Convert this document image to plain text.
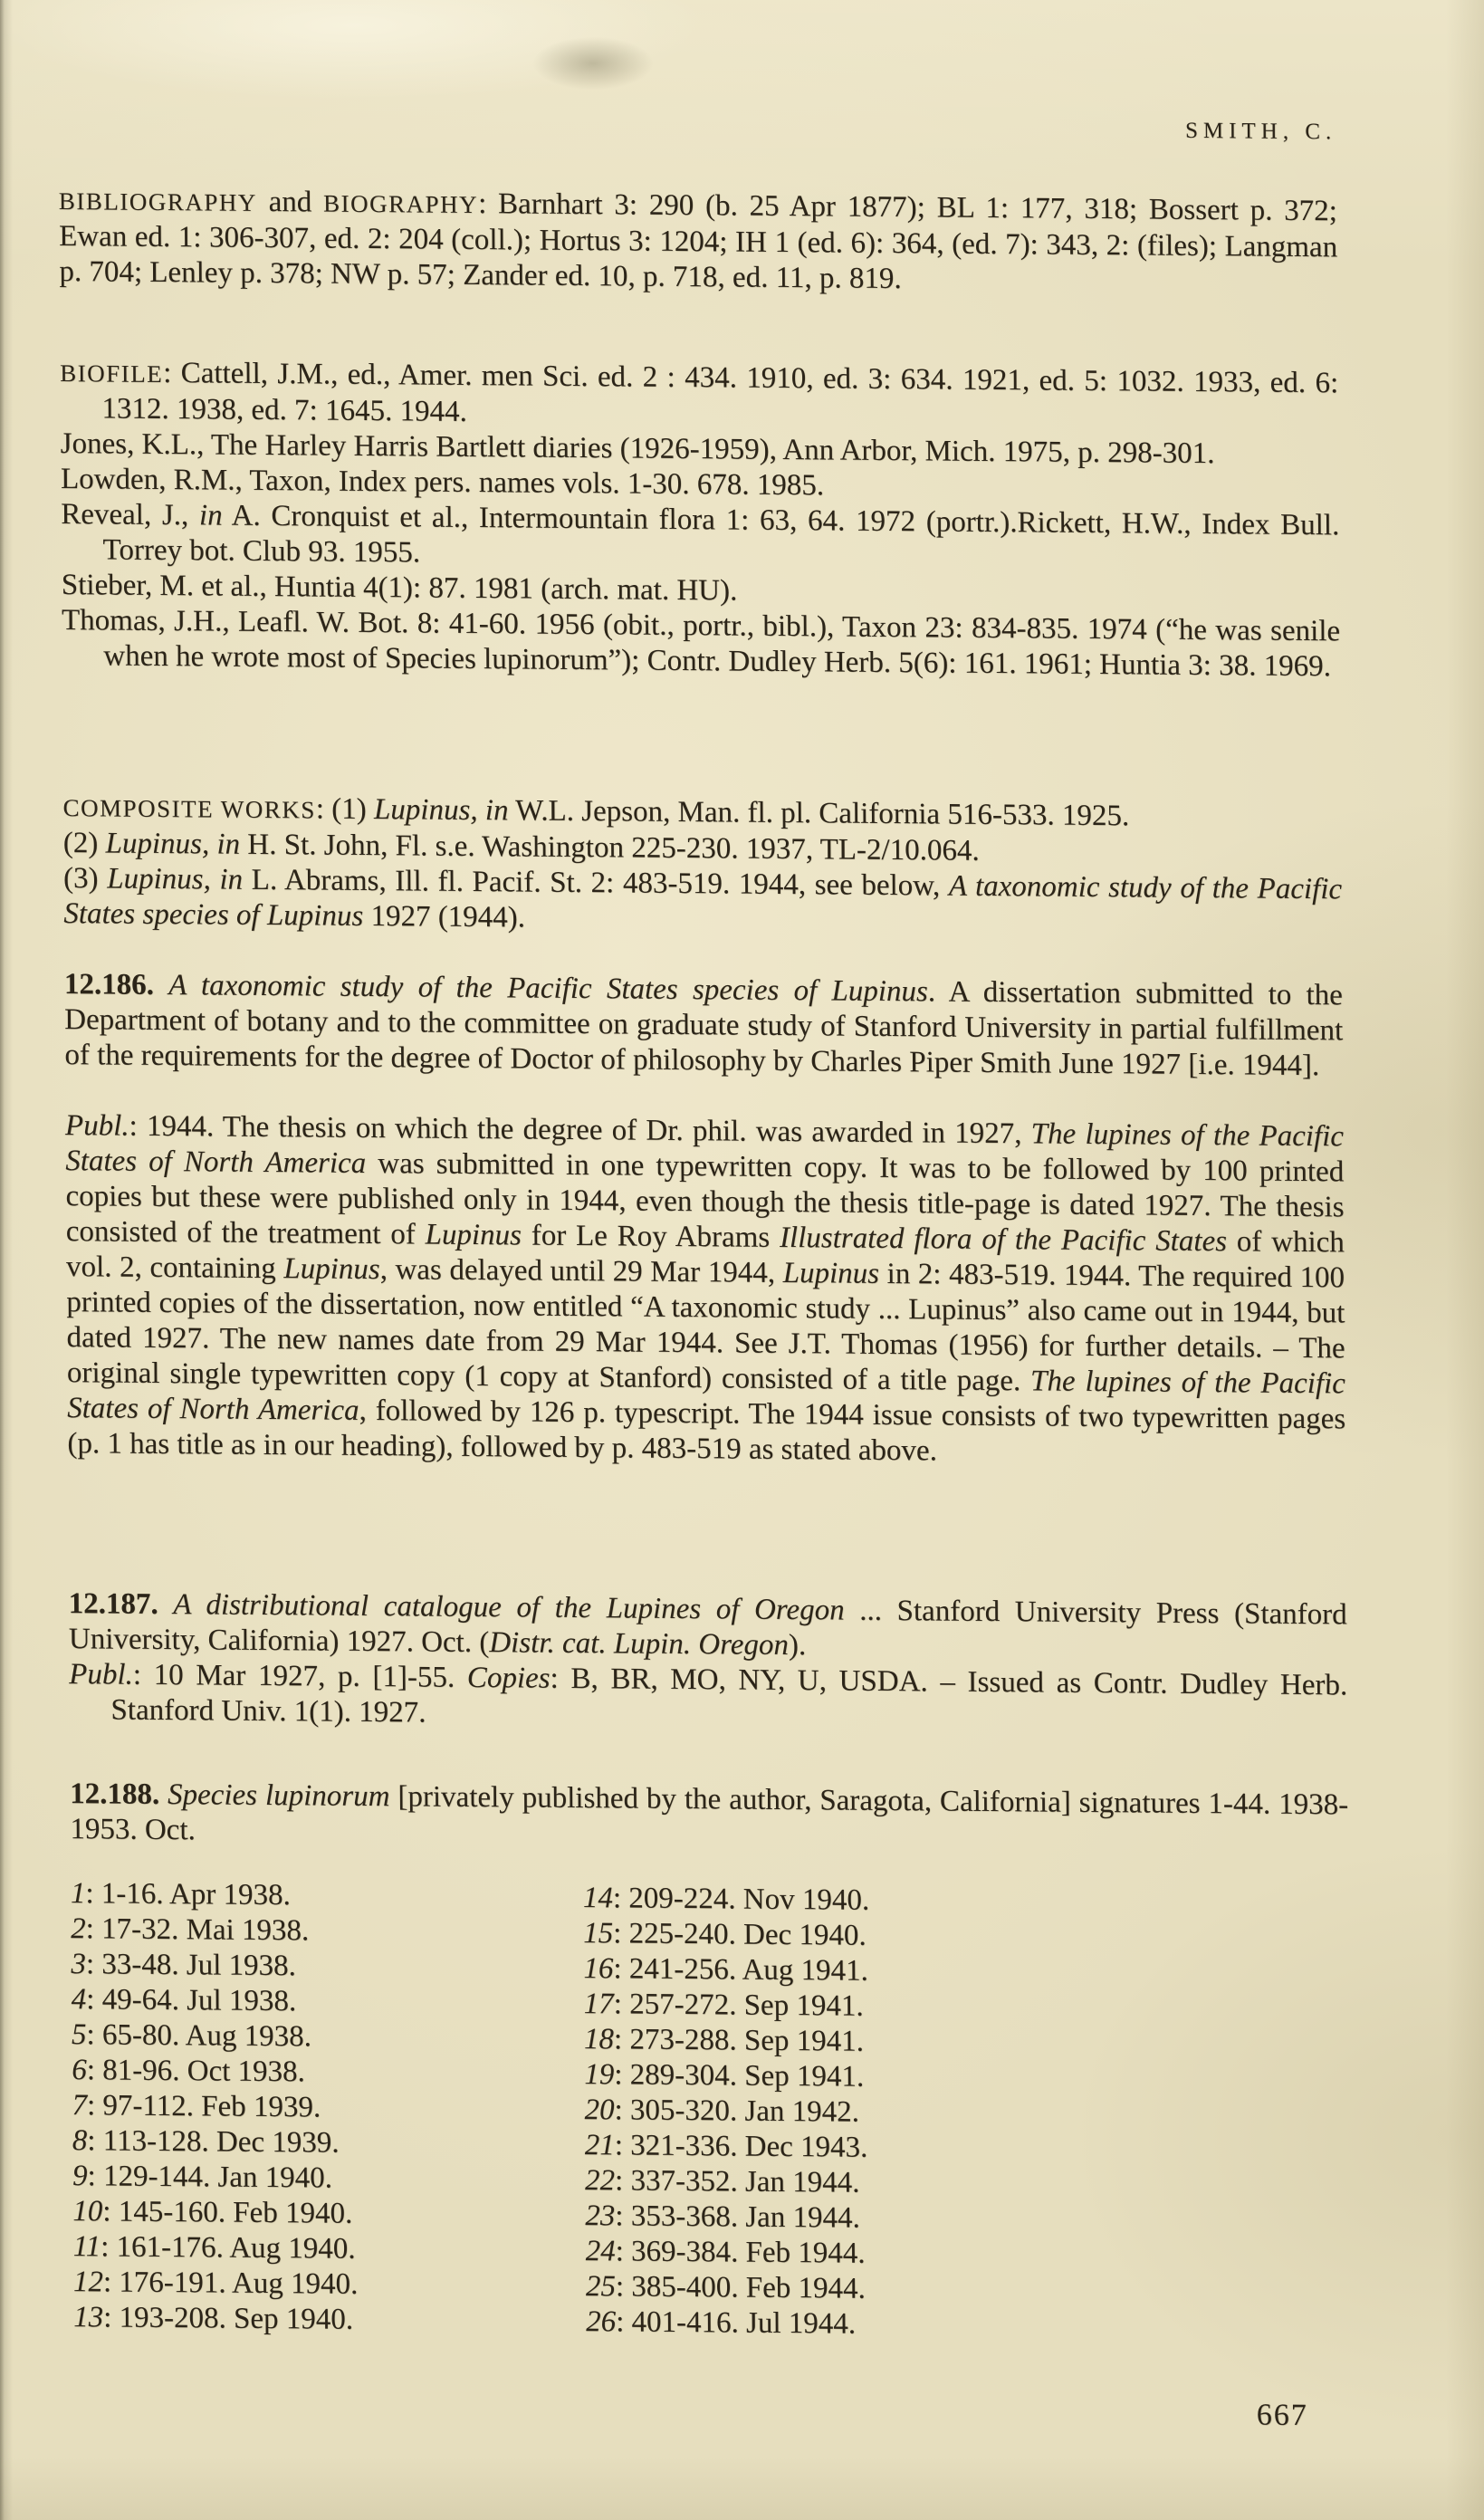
SMITH, C.

BIBLIOGRAPHY and BIOGRAPHY: Barnhart 3: 290 (b. 25 Apr 1877); BL 1: 177, 318; Bossert p. 372; Ewan ed. 1: 306-307, ed. 2: 204 (coll.); Hortus 3: 1204; IH 1 (ed. 6): 364, (ed. 7): 343, 2: (files); Langman p. 704; Lenley p. 378; NW p. 57; Zander ed. 10, p. 718, ed. 11, p. 819.

BIOFILE: Cattell, J.M., ed., Amer. men Sci. ed. 2 : 434. 1910, ed. 3: 634. 1921, ed. 5: 1032. 1933, ed. 6: 1312. 1938, ed. 7: 1645. 1944.

Jones, K.L., The Harley Harris Bartlett diaries (1926-1959), Ann Arbor, Mich. 1975, p. 298-301.

Lowden, R.M., Taxon, Index pers. names vols. 1-30. 678. 1985.

Reveal, J., in A. Cronquist et al., Intermountain flora 1: 63, 64. 1972 (portr.).Rickett, H.W., Index Bull. Torrey bot. Club 93. 1955.

Stieber, M. et al., Huntia 4(1): 87. 1981 (arch. mat. HU).

Thomas, J.H., Leafl. W. Bot. 8: 41-60. 1956 (obit., portr., bibl.), Taxon 23: 834-835. 1974 (“he was senile when he wrote most of Species lupinorum”); Contr. Dudley Herb. 5(6): 161. 1961; Huntia 3: 38. 1969.

COMPOSITE WORKS: (1) Lupinus, in W.L. Jepson, Man. fl. pl. California 516-533. 1925.

(2) Lupinus, in H. St. John, Fl. s.e. Washington 225-230. 1937, TL-2/10.064.

(3) Lupinus, in L. Abrams, Ill. fl. Pacif. St. 2: 483-519. 1944, see below, A taxonomic study of the Pacific States species of Lupinus 1927 (1944).

12.186. A taxonomic study of the Pacific States species of Lupinus. A dissertation submitted to the Department of botany and to the committee on graduate study of Stanford University in partial fulfillment of the requirements for the degree of Doctor of philosophy by Charles Piper Smith June 1927 [i.e. 1944].

Publ.: 1944. The thesis on which the degree of Dr. phil. was awarded in 1927, The lupines of the Pacific States of North America was submitted in one typewritten copy. It was to be followed by 100 printed copies but these were published only in 1944, even though the thesis title-page is dated 1927. The thesis consisted of the treatment of Lupinus for Le Roy Abrams Illustrated flora of the Pacific States of which vol. 2, containing Lupinus, was delayed until 29 Mar 1944, Lupinus in 2: 483-519. 1944. The required 100 printed copies of the dissertation, now entitled “A taxonomic study ... Lupinus” also came out in 1944, but dated 1927. The new names date from 29 Mar 1944. See J.T. Thomas (1956) for further details. – The original single typewritten copy (1 copy at Stanford) consisted of a title page. The lupines of the Pacific States of North America, followed by 126 p. typescript. The 1944 issue consists of two typewritten pages (p. 1 has title as in our heading), followed by p. 483-519 as stated above.

12.187. A distributional catalogue of the Lupines of Oregon ... Stanford University Press (Stanford University, California) 1927. Oct. (Distr. cat. Lupin. Oregon).

Publ.: 10 Mar 1927, p. [1]-55. Copies: B, BR, MO, NY, U, USDA. – Issued as Contr. Dudley Herb. Stanford Univ. 1(1). 1927.

12.188. Species lupinorum [privately published by the author, Saragota, California] signatures 1-44. 1938-1953. Oct.

1: 1-16. Apr 1938.
2: 17-32. Mai 1938.
3: 33-48. Jul 1938.
4: 49-64. Jul 1938.
5: 65-80. Aug 1938.
6: 81-96. Oct 1938.
7: 97-112. Feb 1939.
8: 113-128. Dec 1939.
9: 129-144. Jan 1940.
10: 145-160. Feb 1940.
11: 161-176. Aug 1940.
12: 176-191. Aug 1940.
13: 193-208. Sep 1940.
14: 209-224. Nov 1940.
15: 225-240. Dec 1940.
16: 241-256. Aug 1941.
17: 257-272. Sep 1941.
18: 273-288. Sep 1941.
19: 289-304. Sep 1941.
20: 305-320. Jan 1942.
21: 321-336. Dec 1943.
22: 337-352. Jan 1944.
23: 353-368. Jan 1944.
24: 369-384. Feb 1944.
25: 385-400. Feb 1944.
26: 401-416. Jul 1944.
667
